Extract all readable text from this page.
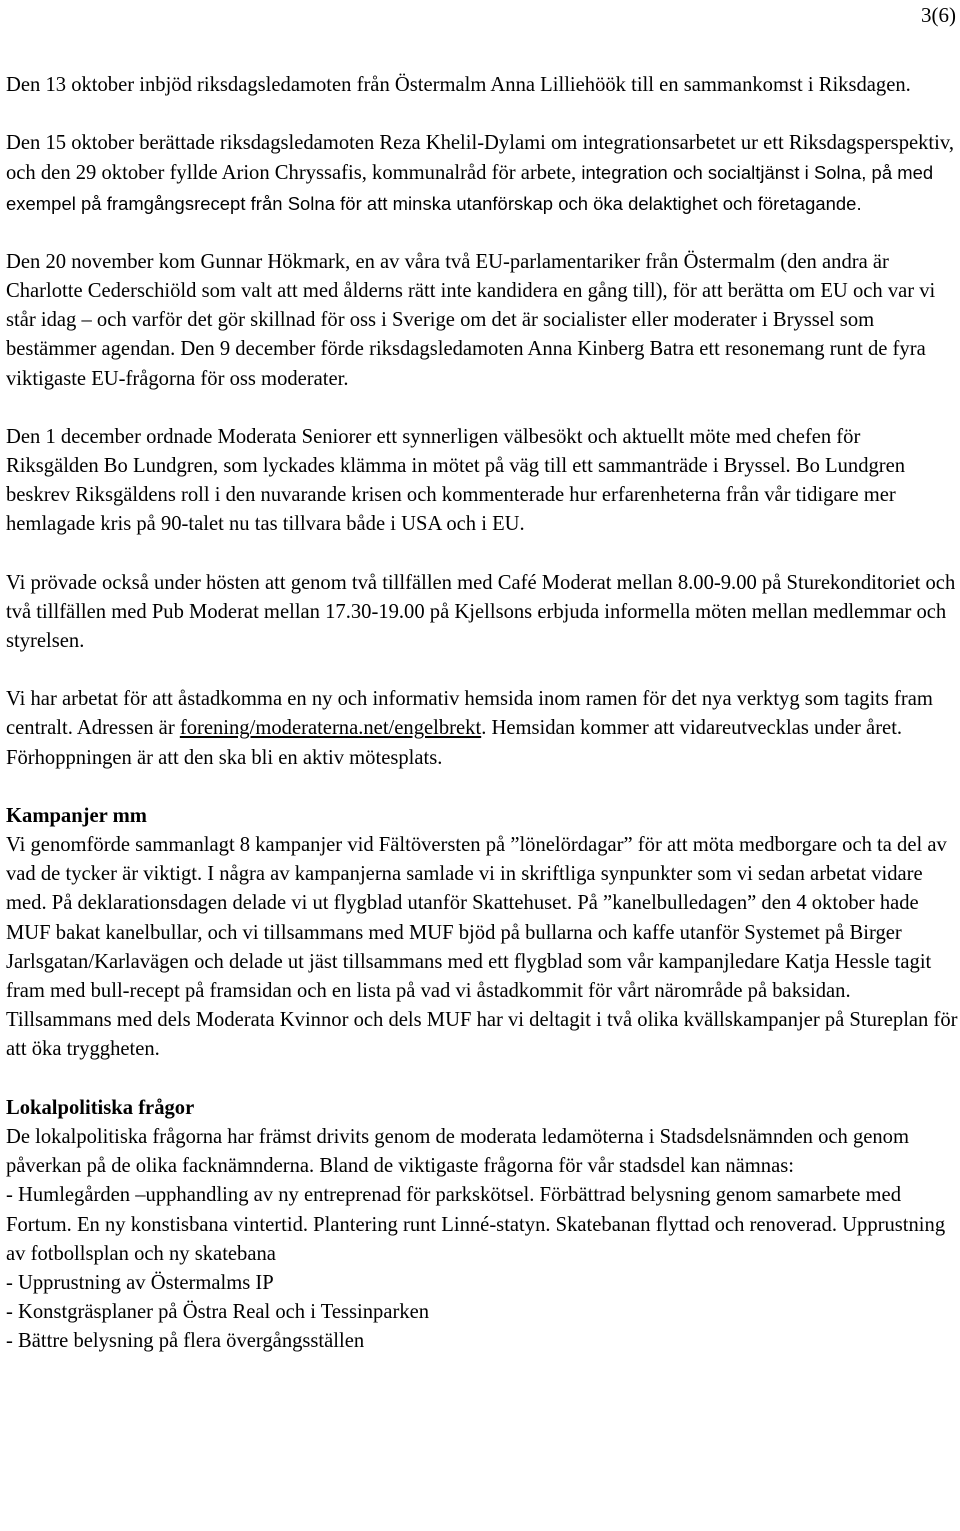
3(6)

Den 13 oktober inbjöd riksdagsledamoten från Östermalm Anna Lilliehöök till en sammankomst i Riksdagen.

Den 15 oktober berättade riksdagsledamoten Reza Khelil-Dylami om integrationsarbetet ur ett Riksdagsperspektiv, och den 29 oktober fyllde Arion Chryssafis, kommunalråd för arbete, integration och socialtjänst i Solna, på med exempel på framgångsrecept från Solna för att minska utanförskap och öka delaktighet och företagande.

Den 20 november kom Gunnar Hökmark, en av våra två EU-parlamentariker från Östermalm (den andra är Charlotte Cederschiöld som valt att med ålderns rätt inte kandidera en gång till), för att berätta om EU och var vi står idag – och varför det gör skillnad för oss i Sverige om det är socialister eller moderater i Bryssel som bestämmer agendan. Den 9 december förde riksdagsledamoten Anna Kinberg Batra ett resonemang runt de fyra viktigaste EU-frågorna för oss moderater.

Den 1 december ordnade Moderata Seniorer ett synnerligen välbesökt och aktuellt möte med chefen för Riksgälden Bo Lundgren, som lyckades klämma in mötet på väg till ett sammanträde i Bryssel. Bo Lundgren beskrev Riksgäldens roll i den nuvarande krisen och kommenterade hur erfarenheterna från vår tidigare mer hemlagade kris på 90-talet nu tas tillvara både i USA och i EU.

Vi prövade också under hösten att genom två tillfällen med Café Moderat mellan 8.00-9.00 på Sturekonditoriet och två tillfällen med Pub Moderat mellan 17.30-19.00 på Kjellsons erbjuda informella möten mellan medlemmar och styrelsen.

Vi har arbetat för att åstadkomma en ny och informativ hemsida inom ramen för det nya verktyg som tagits fram centralt. Adressen är forening/moderaterna.net/engelbrekt. Hemsidan kommer att vidareutvecklas under året. Förhoppningen är att den ska bli en aktiv mötesplats.

Kampanjer mm
Vi genomförde sammanlagt 8 kampanjer vid Fältöversten på ”lönelördagar” för att möta medborgare och ta del av vad de tycker är viktigt. I några av kampanjerna samlade vi in skriftliga synpunkter som vi sedan arbetat vidare med. På deklarationsdagen delade vi ut flygblad utanför Skattehuset. På ”kanelbulledagen” den 4 oktober hade MUF bakat kanelbullar, och vi tillsammans med MUF bjöd på bullarna och kaffe utanför Systemet på Birger Jarlsgatan/Karlavägen och delade ut jäst tillsammans med ett flygblad som vår kampanjledare Katja Hessle tagit fram med bull-recept på framsidan och en lista på vad vi åstadkommit för vårt närområde på baksidan. Tillsammans med dels Moderata Kvinnor och dels MUF har vi deltagit i två olika kvällskampanjer på Stureplan för att öka tryggheten.
Lokalpolitiska frågor
De lokalpolitiska frågorna har främst drivits genom de moderata ledamöterna i Stadsdelsnämnden och genom påverkan på de olika facknämnderna. Bland de viktigaste frågorna för vår stadsdel kan nämnas:
- Humlegården –upphandling av ny entreprenad för parkskötsel. Förbättrad belysning genom samarbete med Fortum. En ny konstisbana vintertid. Plantering runt Linné-statyn. Skatebanan flyttad och renoverad. Upprustning av fotbollsplan och ny skatebana
- Upprustning av Östermalms IP
- Konstgräsplaner på Östra Real och i Tessinparken
- Bättre belysning på flera övergångsställen
